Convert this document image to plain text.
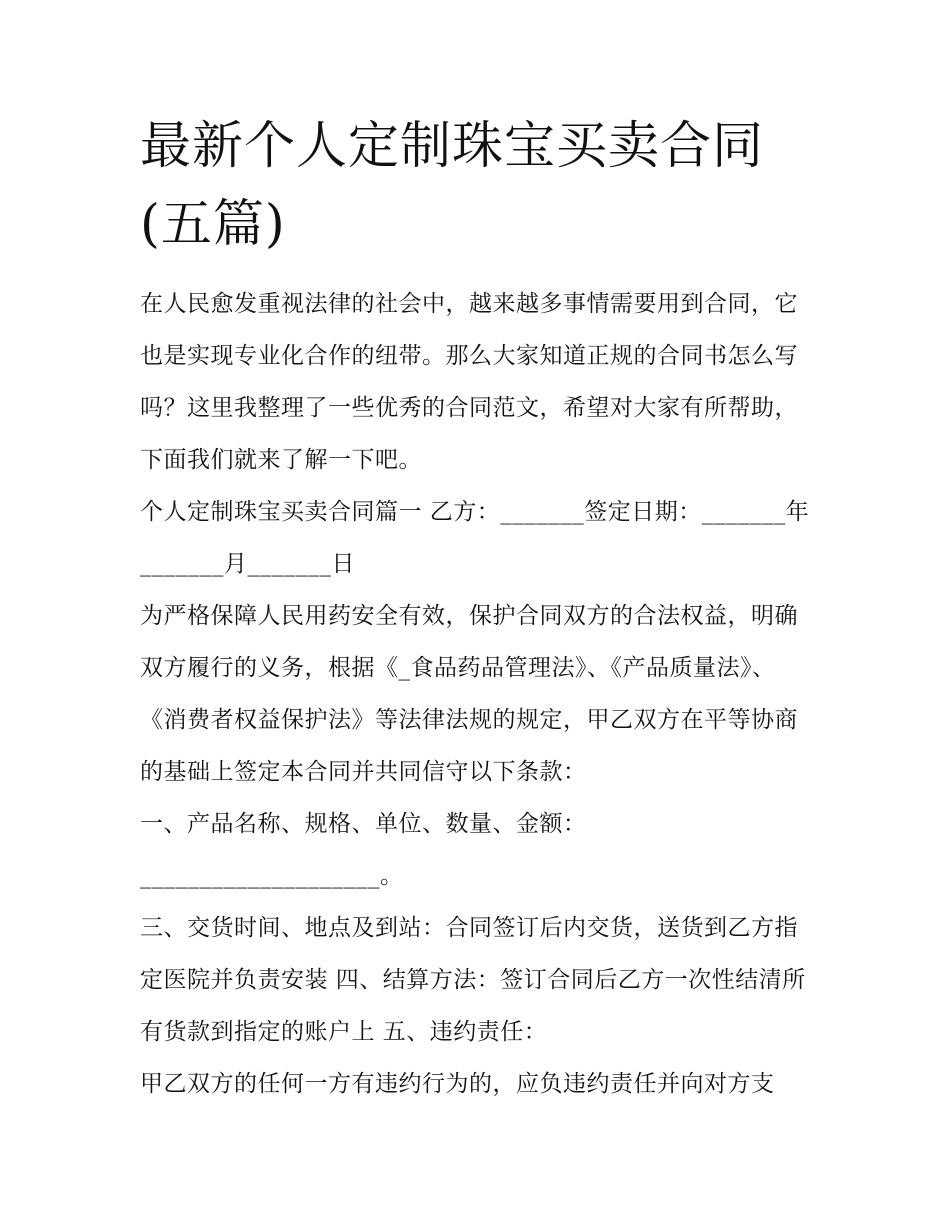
最新个人定制珠宝买卖合同(五篇)

在人民愈发重视法律的社会中，越来越多事情需要用到合同，它也是实现专业化合作的纽带。那么大家知道正规的合同书怎么写吗？这里我整理了一些优秀的合同范文，希望对大家有所帮助，下面我们就来了解一下吧。

个人定制珠宝买卖合同篇一 乙方：_______签定日期：_______年_______月_______日

为严格保障人民用药安全有效，保护合同双方的合法权益，明确双方履行的义务，根据《_食品药品管理法》、《产品质量法》、《消费者权益保护法》等法律法规的规定，甲乙双方在平等协商的基础上签定本合同并共同信守以下条款：

一、产品名称、规格、单位、数量、金额：

____________________。

三、交货时间、地点及到站：合同签订后内交货，送货到乙方指定医院并负责安装 四、结算方法：签订合同后乙方一次性结清所有货款到指定的账户上 五、违约责任：

甲乙双方的任何一方有违约行为的，应负违约责任并向对方支
